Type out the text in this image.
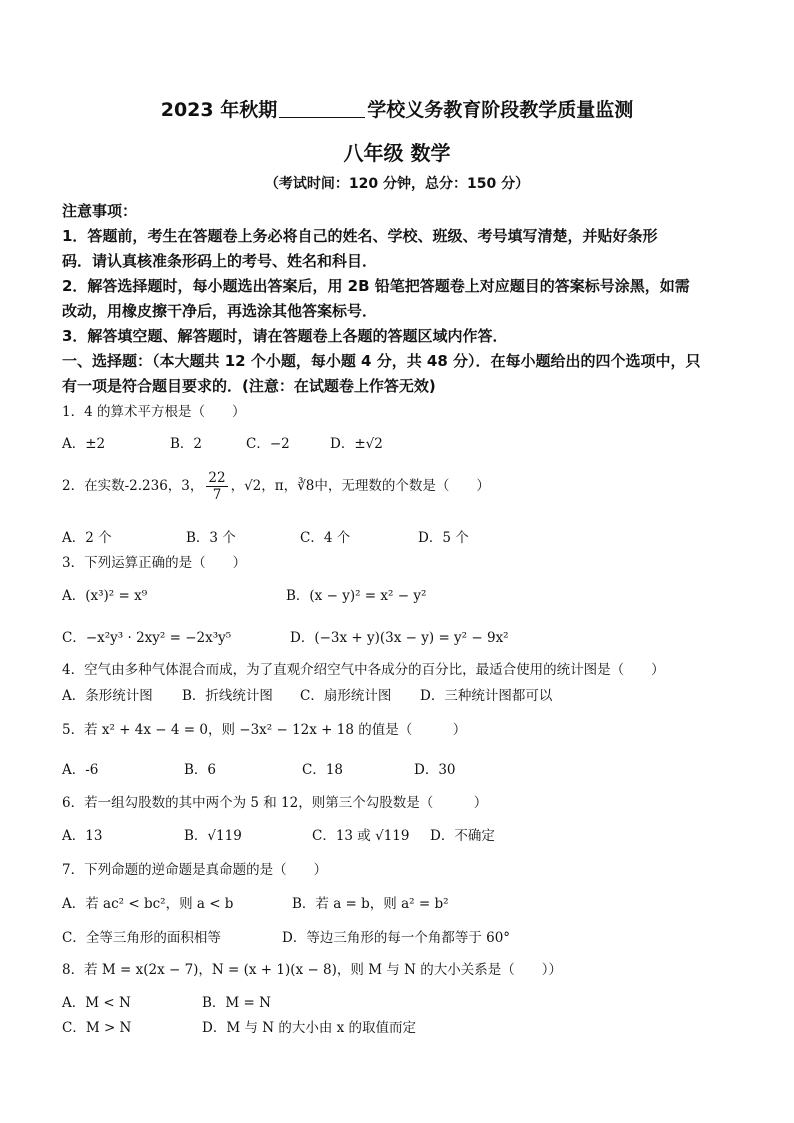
2023 年秋期	学校义务教育阶段教学质量监测
八年级 数学
（考试时间：120 分钟，总分：150 分）
注意事项：
1．答题前，考生在答题卷上务必将自己的姓名、学校、班级、考号填写清楚，并贴好条形
码．请认真核准条形码上的考号、姓名和科目．
2．解答选择题时，每小题选出答案后，用 2B 铅笔把答题卷上对应题目的答案标号涂黑，如需
改动，用橡皮擦干净后，再选涂其他答案标号．
3．解答填空题、解答题时，请在答题卷上各题的答题区域内作答．
一、选择题：（本大题共 12 个小题，每小题 4 分，共 48 分）．在每小题给出的四个选项中，只
有一项是符合题目要求的．(注意：在试题卷上作答无效)
1．4 的算术平方根是（　　）
A．±2	B．2	C．−2	D．±√2
2．在实数-2.236，3， $\frac{22}{7}$ ，√2，π，∛8中，无理数的个数是（　　）
A．2 个	B．3 个	C．4 个	D．5 个
3．下列运算正确的是（　　）
A．(x³)² = x⁹	B．(x − y)² = x² − y²
C．−x²y³ · 2xy² = −2x³y⁵	D．(−3x + y)(3x − y) = y² − 9x²
4．空气由多种气体混合而成，为了直观介绍空气中各成分的百分比，最适合使用的统计图是（　　）
A．条形统计图 B．折线统计图 C．扇形统计图 D．三种统计图都可以
5．若 x² + 4x − 4 = 0，则 −3x² − 12x + 18 的值是（　　　）
A．-6	B．6	C．18	D．30
6．若一组勾股数的其中两个为 5 和 12，则第三个勾股数是（　　　）
A．13	B．√119	C．13 或 √119 D．不确定
7．下列命题的逆命题是真命题的是（　　）
A．若 ac² < bc²，则 a < b	B．若 a = b，则 a² = b²
C．全等三角形的面积相等	D．等边三角形的每一个角都等于 60°
8．若 M = x(2x − 7)，N = (x + 1)(x − 8)，则 M 与 N 的大小关系是（　　））
A．M < N	B．M = N
C．M > N	D．M 与 N 的大小由 x 的取值而定
